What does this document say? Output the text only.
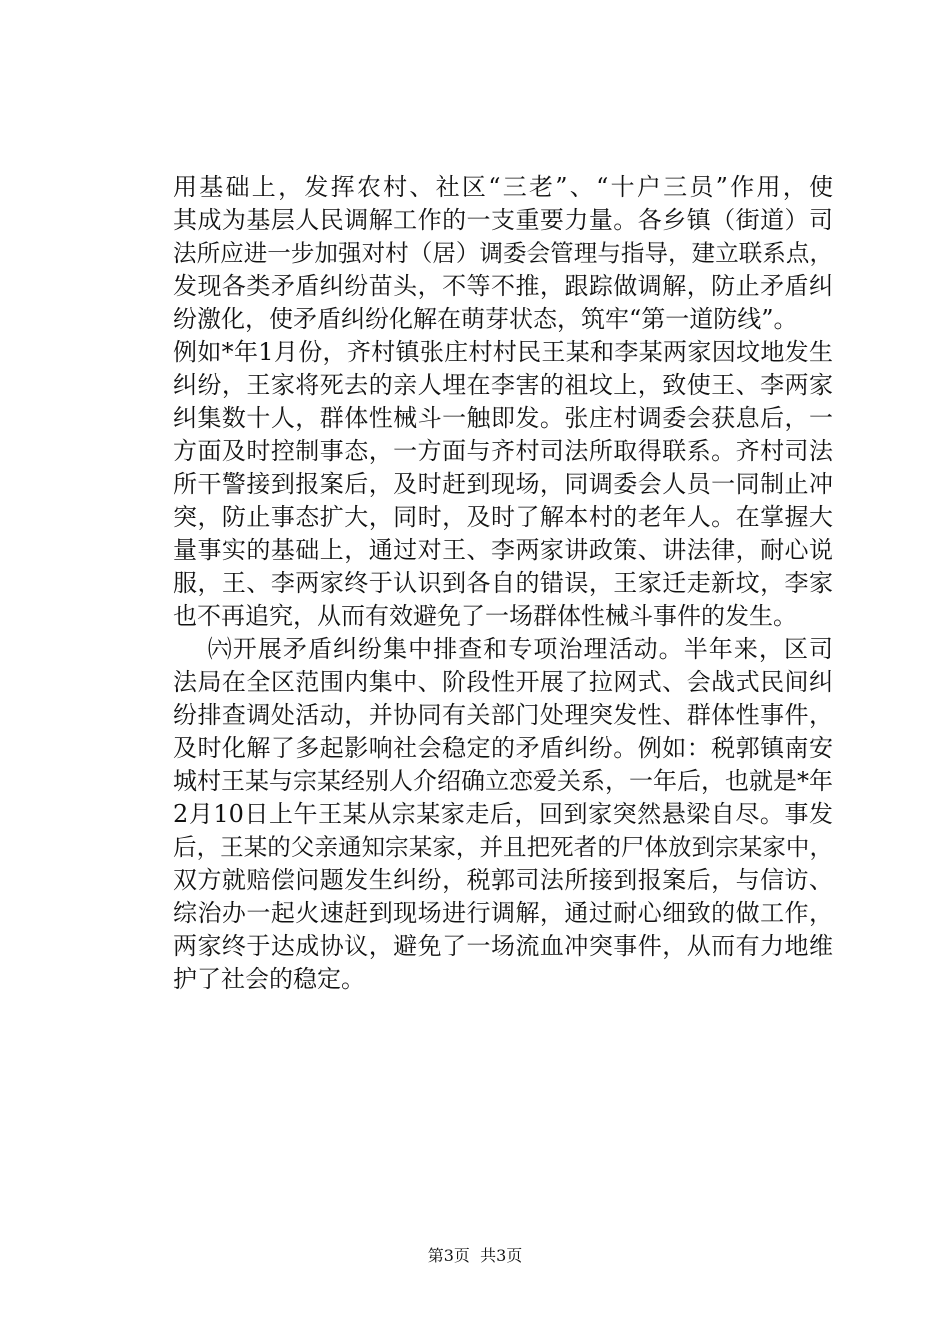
用基础上，发挥农村、社区“三老”、“十户三员”作用，使
其成为基层人民调解工作的一支重要力量。各乡镇（街道）司
法所应进一步加强对村（居）调委会管理与指导，建立联系点，
发现各类矛盾纠纷苗头，不等不推，跟踪做调解，防止矛盾纠
纷激化，使矛盾纠纷化解在萌芽状态，筑牢“第一道防线”。
例如*年1月份，齐村镇张庄村村民王某和李某两家因坟地发生
纠纷，王家将死去的亲人埋在李害的祖坟上，致使王、李两家
纠集数十人，群体性械斗一触即发。张庄村调委会获息后，一
方面及时控制事态，一方面与齐村司法所取得联系。齐村司法
所干警接到报案后，及时赶到现场，同调委会人员一同制止冲
突，防止事态扩大，同时，及时了解本村的老年人。在掌握大
量事实的基础上，通过对王、李两家讲政策、讲法律，耐心说
服，王、李两家终于认识到各自的错误，王家迁走新坟，李家
也不再追究，从而有效避免了一场群体性械斗事件的发生。
㈥开展矛盾纠纷集中排查和专项治理活动。半年来，区司
法局在全区范围内集中、阶段性开展了拉网式、会战式民间纠
纷排查调处活动，并协同有关部门处理突发性、群体性事件，
及时化解了多起影响社会稳定的矛盾纠纷。例如：税郭镇南安
城村王某与宗某经别人介绍确立恋爱关系，一年后，也就是*年
2月10日上午王某从宗某家走后，回到家突然悬梁自尽。事发
后，王某的父亲通知宗某家，并且把死者的尸体放到宗某家中，
双方就赔偿问题发生纠纷，税郭司法所接到报案后，与信访、
综治办一起火速赶到现场进行调解，通过耐心细致的做工作，
两家终于达成协议，避免了一场流血冲突事件，从而有力地维
护了社会的稳定。
第3页  共3页
